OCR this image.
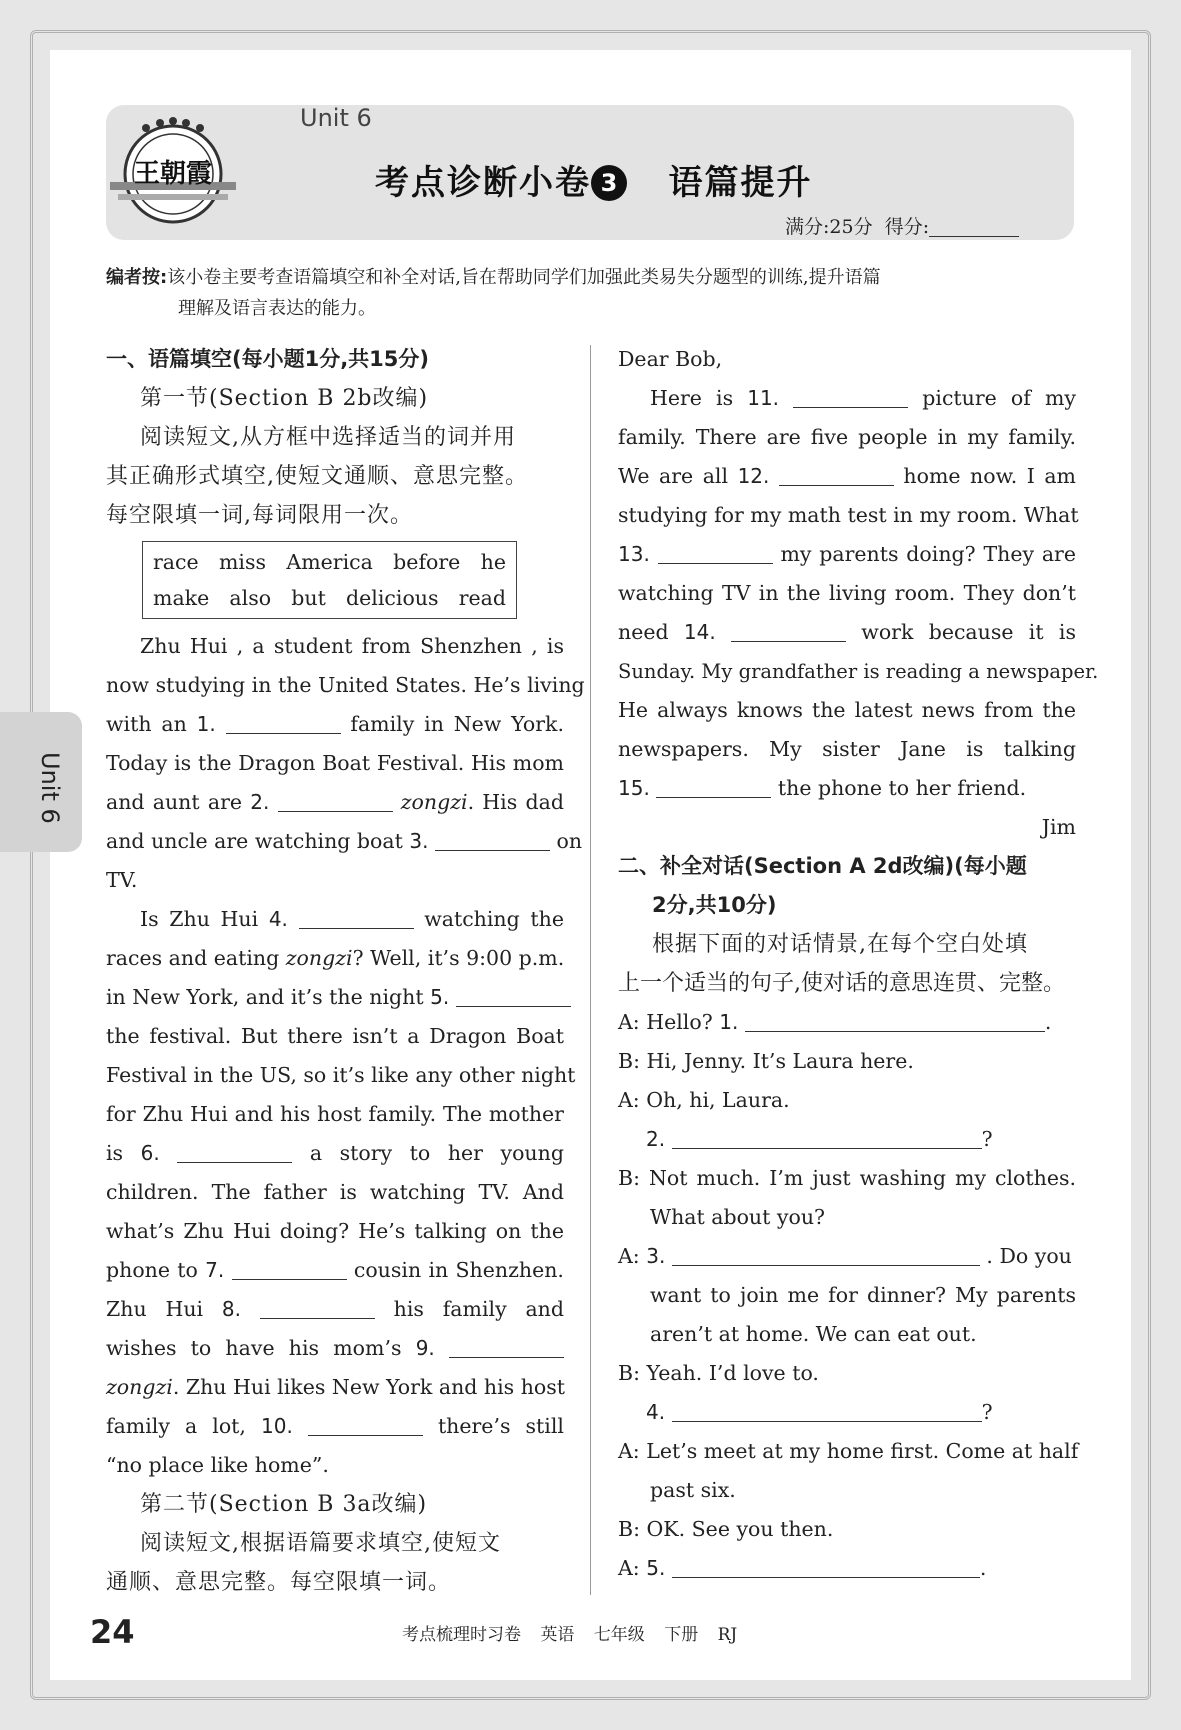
王朝霞
Unit 6
考点诊断小卷 3 语篇提升
满分:25分 得分:
编者按:该小卷主要考查语篇填空和补全对话,旨在帮助同学们加强此类易失分题型的训练,提升语篇
理解及语言表达的能力。
Unit 6
一、语篇填空(每小题1分,共15分)
第一节(Section B 2b改编)
阅读短文,从方框中选择适当的词并用
其正确形式填空,使短文通顺、意思完整。
每空限填一词,每词限用一次。
race miss America before he
make also but delicious read
Zhu Hui , a student from Shenzhen , is
now studying in the United States. He’s living
with an 1.	family in New York.
Today is the Dragon Boat Festival. His mom
and aunt are 2.	zongzi. His dad
and uncle are watching boat 3.	on
TV.
Is Zhu Hui 4.	watching the
races and eating zongzi? Well, it’s 9:00 p.m.
in New York, and it’s the night 5.
the festival. But there isn’t a Dragon Boat
Festival in the US, so it’s like any other night
for Zhu Hui and his host family. The mother
is 6.	a story to her young
children. The father is watching TV. And
what’s Zhu Hui doing? He’s talking on the
phone to 7.	cousin in Shenzhen.
Zhu Hui 8.	his family and
wishes to have his mom’s 9.
zongzi. Zhu Hui likes New York and his host
family a lot, 10.	there’s still
“no place like home”.
第二节(Section B 3a改编)
阅读短文,根据语篇要求填空,使短文
通顺、意思完整。每空限填一词。
Dear Bob,
Here is 11.	picture of my
family. There are five people in my family.
We are all 12.	home now. I am
studying for my math test in my room. What
13.	my parents doing? They are
watching TV in the living room. They don’t
need 14.	work because it is
Sunday. My grandfather is reading a newspaper.
He always knows the latest news from the
newspapers. My sister Jane is talking
15.	the phone to her friend.
Jim
二、补全对话(Section A 2d改编)(每小题
2分,共10分)
根据下面的对话情景,在每个空白处填
上一个适当的句子,使对话的意思连贯、完整。
A: Hello? 1.	.
B: Hi, Jenny. It’s Laura here.
A: Oh, hi, Laura.
2.	?
B: Not much. I’m just washing my clothes.
What about you?
A: 3.	. Do you
want to join me for dinner? My parents
aren’t at home. We can eat out.
B: Yeah. I’d love to.
4.	?
A: Let’s meet at my home first. Come at half
past six.
B: OK. See you then.
A: 5.	.
24	考点梳理时习卷 英语 七年级 下册 RJ
